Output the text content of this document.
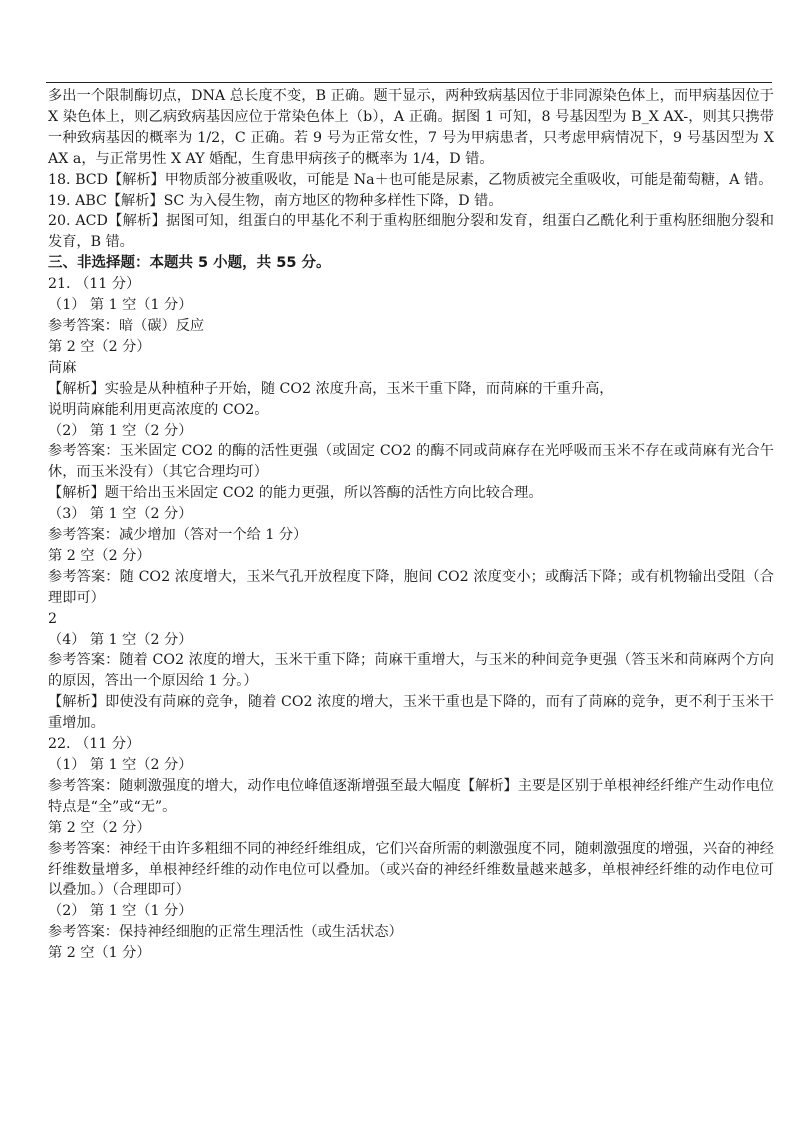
多出一个限制酶切点，DNA 总长度不变，B 正确。题干显示，两种致病基因位于非同源染色体上，而甲病基因位于 X 染色体上，则乙病致病基因应位于常染色体上（b），A 正确。据图 1 可知，8 号基因型为 B_X AX-，则其只携带一种致病基因的概率为 1/2，C 正确。若 9 号为正常女性，7 号为甲病患者，只考虑甲病情况下，9 号基因型为 X AX a，与正常男性 X AY 婚配，生育患甲病孩子的概率为 1/4，D 错。

18. BCD【解析】甲物质部分被重吸收，可能是 Na＋也可能是尿素，乙物质被完全重吸收，可能是葡萄糖，A 错。

19. ABC【解析】SC 为入侵生物，南方地区的物种多样性下降，D 错。

20. ACD【解析】据图可知，组蛋白的甲基化不利于重构胚细胞分裂和发育，组蛋白乙酰化利于重构胚细胞分裂和发育，B 错。

三、非选择题：本题共 5 小题，共 55 分。

21. （11 分）

（1） 第 1 空（1 分）

参考答案：暗（碳）反应

第 2 空（2 分）

苘麻

【解析】实验是从种植种子开始，随 CO2 浓度升高，玉米干重下降，而苘麻的干重升高，

说明苘麻能利用更高浓度的 CO2。

（2） 第 1 空（2 分）

参考答案：玉米固定 CO2 的酶的活性更强（或固定 CO2 的酶不同或苘麻存在光呼吸而玉米不存在或苘麻有光合午休，而玉米没有）（其它合理均可）

【解析】题干给出玉米固定 CO2 的能力更强，所以答酶的活性方向比较合理。

（3） 第 1 空（2 分）

参考答案：减少增加（答对一个给 1 分）

第 2 空（2 分）

参考答案：随 CO2 浓度增大，玉米气孔开放程度下降，胞间 CO2 浓度变小；或酶活下降；或有机物输出受阻（合理即可）

2

（4） 第 1 空（2 分）

参考答案：随着 CO2 浓度的增大，玉米干重下降；苘麻干重增大，与玉米的种间竞争更强（答玉米和苘麻两个方向的原因，答出一个原因给 1 分。）

【解析】即使没有苘麻的竞争，随着 CO2 浓度的增大，玉米干重也是下降的，而有了苘麻的竞争，更不利于玉米干重增加。

22. （11 分）

（1） 第 1 空（2 分）

参考答案：随刺激强度的增大，动作电位峰值逐渐增强至最大幅度【解析】主要是区别于单根神经纤维产生动作电位特点是“全”或“无”。

第 2 空（2 分）

参考答案：神经干由许多粗细不同的神经纤维组成，它们兴奋所需的刺激强度不同，随刺激强度的增强，兴奋的神经纤维数量增多，单根神经纤维的动作电位可以叠加。（或兴奋的神经纤维数量越来越多，单根神经纤维的动作电位可以叠加。）（合理即可）

（2） 第 1 空（1 分）

参考答案：保持神经细胞的正常生理活性（或生活状态）

第 2 空（1 分）
